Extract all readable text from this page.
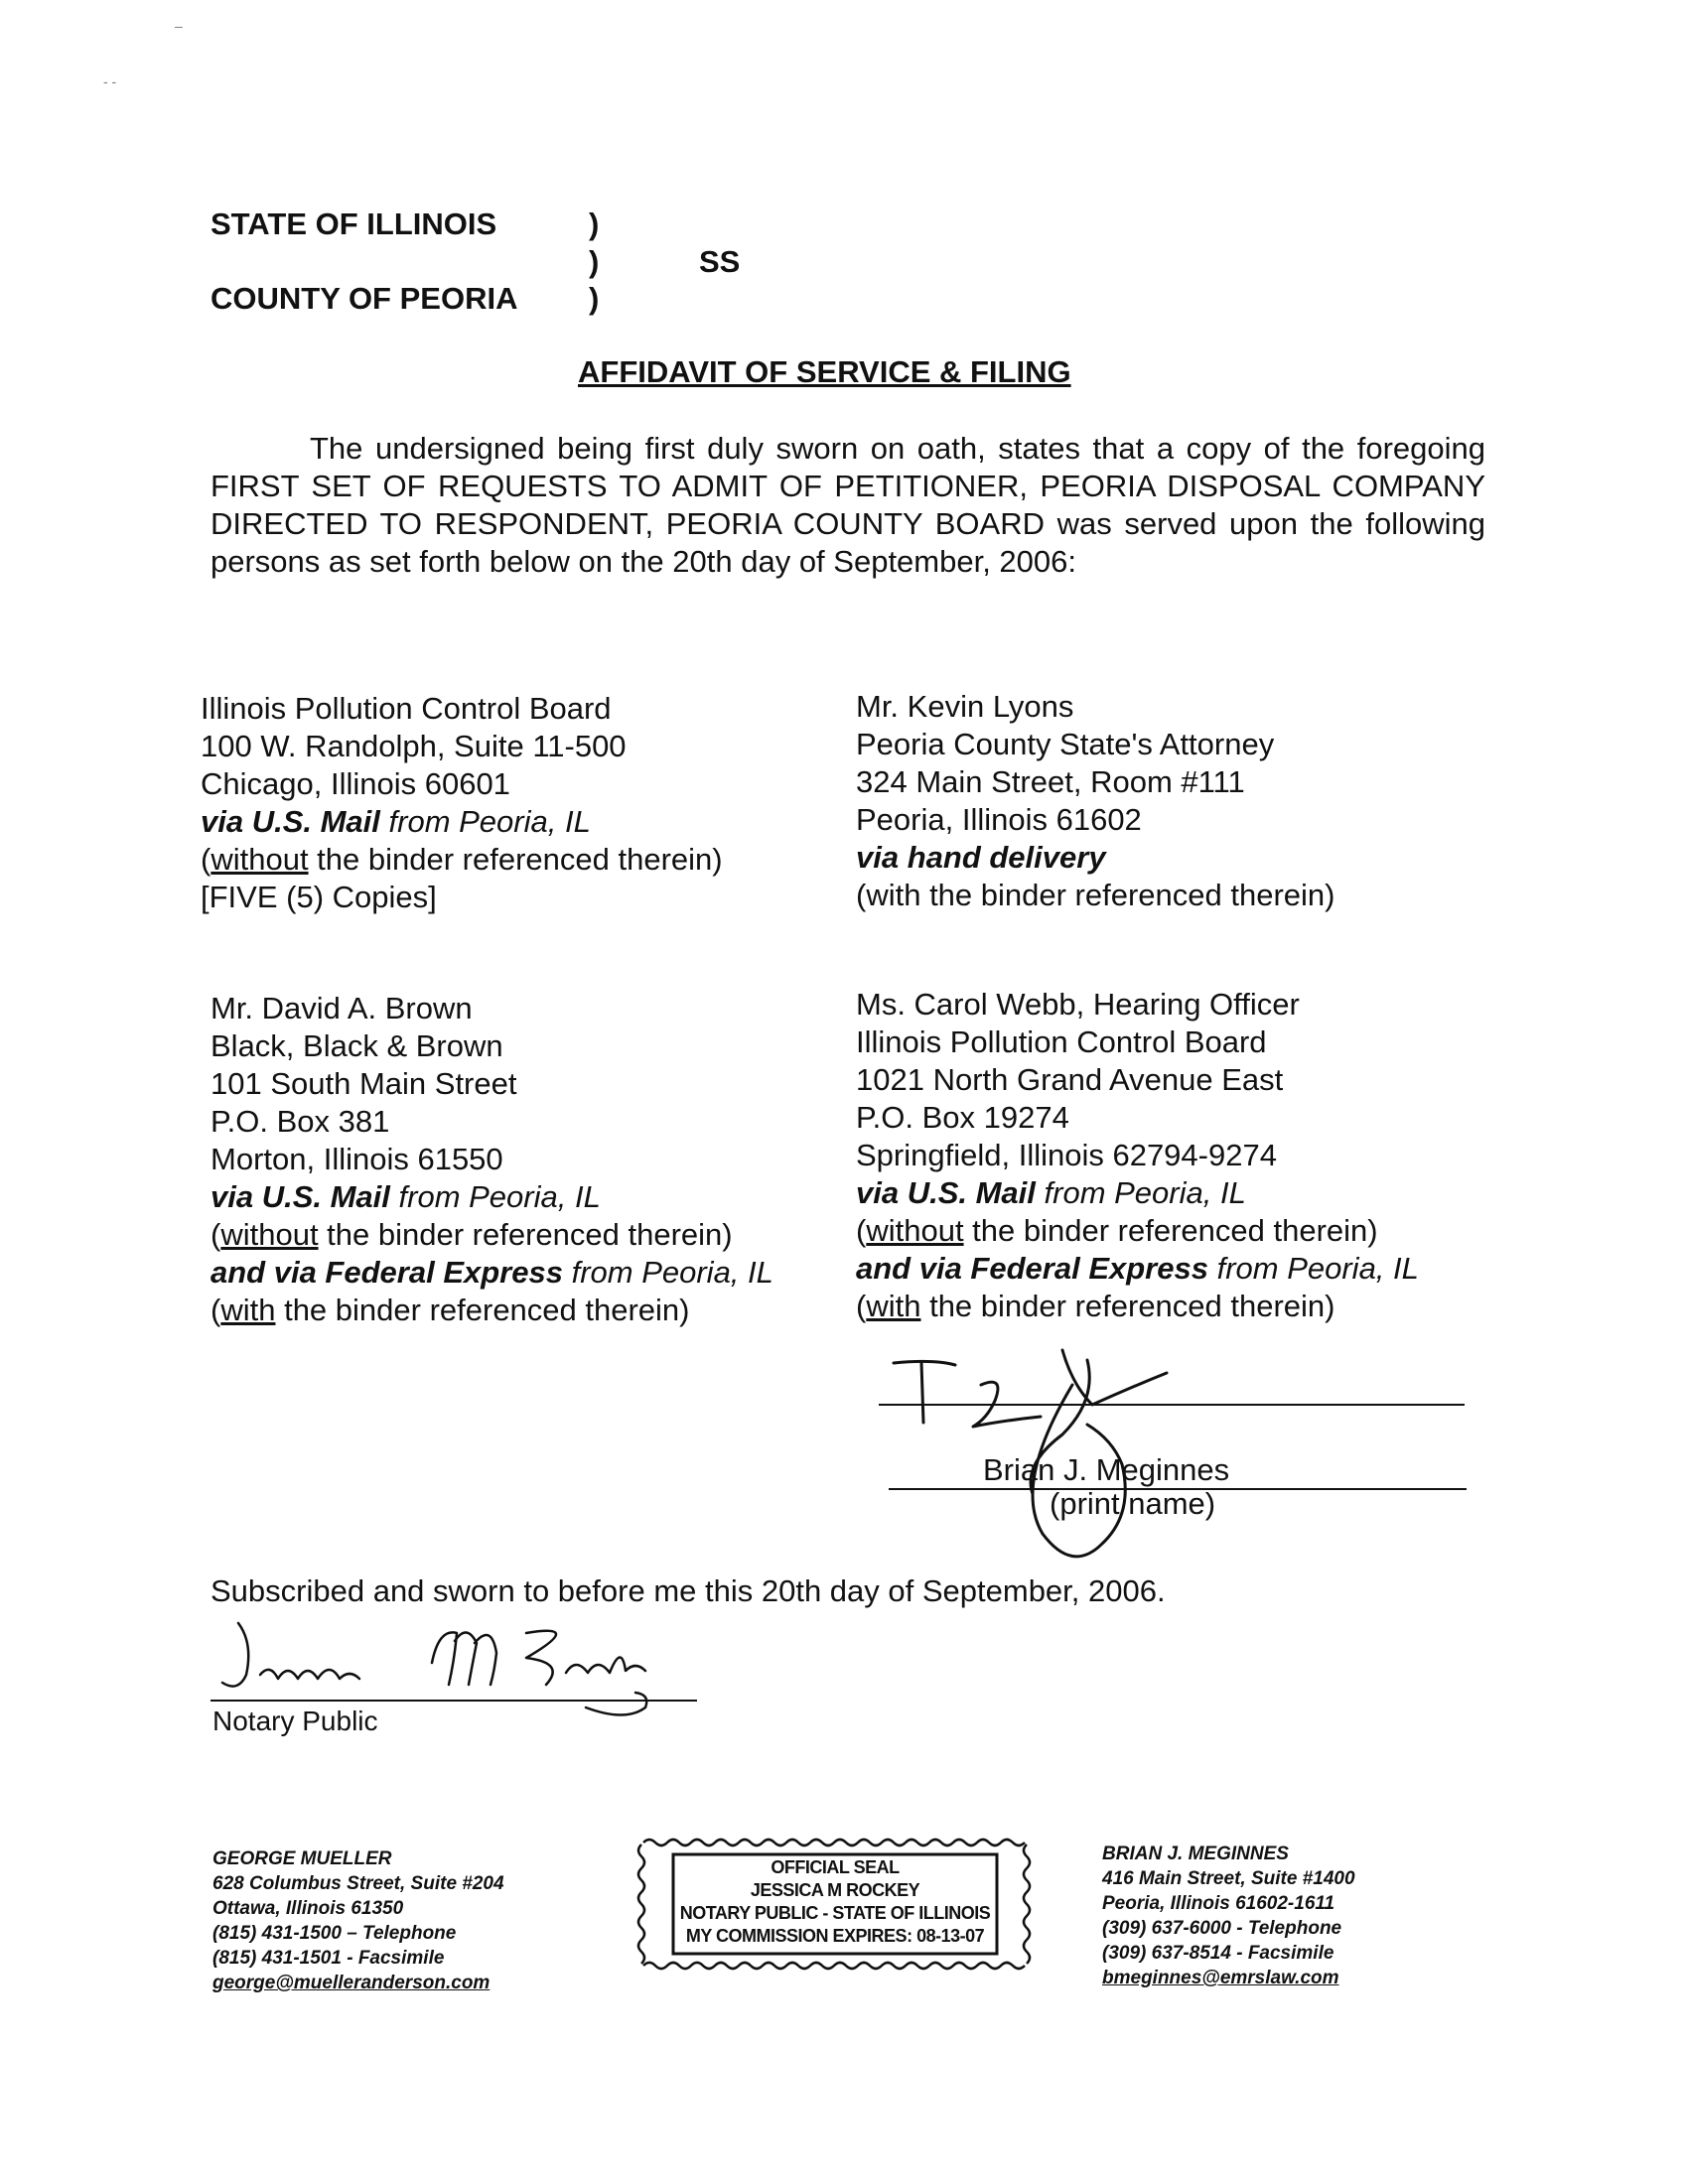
–
- -
STATE OF ILLINOIS
COUNTY OF PEORIA
)
)
)
SS
AFFIDAVIT OF SERVICE & FILING

The undersigned being first duly sworn on oath, states that a copy of the foregoing FIRST SET OF REQUESTS TO ADMIT OF PETITIONER, PEORIA DISPOSAL COMPANY DIRECTED TO RESPONDENT, PEORIA COUNTY BOARD was served upon the following persons as set forth below on the 20th day of September, 2006:

Illinois Pollution Control Board
100 W. Randolph, Suite 11-500
Chicago, Illinois 60601
via U.S. Mail from Peoria, IL
(without the binder referenced therein)
[FIVE (5) Copies]
Mr. Kevin Lyons
Peoria County State's Attorney
324 Main Street, Room #111
Peoria, Illinois 61602
via hand delivery
(with the binder referenced therein)
Mr. David A. Brown
Black, Black & Brown
101 South Main Street
P.O. Box 381
Morton, Illinois 61550
via U.S. Mail from Peoria, IL
(without the binder referenced therein)
and via Federal Express from Peoria, IL
(with the binder referenced therein)
Ms. Carol Webb, Hearing Officer
Illinois Pollution Control Board
1021 North Grand Avenue East
P.O. Box 19274
Springfield, Illinois 62794-9274
via U.S. Mail from Peoria, IL
(without the binder referenced therein)
and via Federal Express from Peoria, IL
(with the binder referenced therein)
Brian J. Meginnes
(print name)
Subscribed and sworn to before me this 20th day of September, 2006.
Notary Public
OFFICIAL SEAL
JESSICA M ROCKEY
NOTARY PUBLIC - STATE OF ILLINOIS
MY COMMISSION EXPIRES: 08-13-07
GEORGE MUELLER
628 Columbus Street, Suite #204
Ottawa, Illinois 61350
(815) 431-1500 – Telephone
(815) 431-1501 - Facsimile
george@muelleranderson.com
BRIAN J. MEGINNES
416 Main Street, Suite #1400
Peoria, Illinois 61602-1611
(309) 637-6000 - Telephone
(309) 637-8514 - Facsimile
bmeginnes@emrslaw.com
